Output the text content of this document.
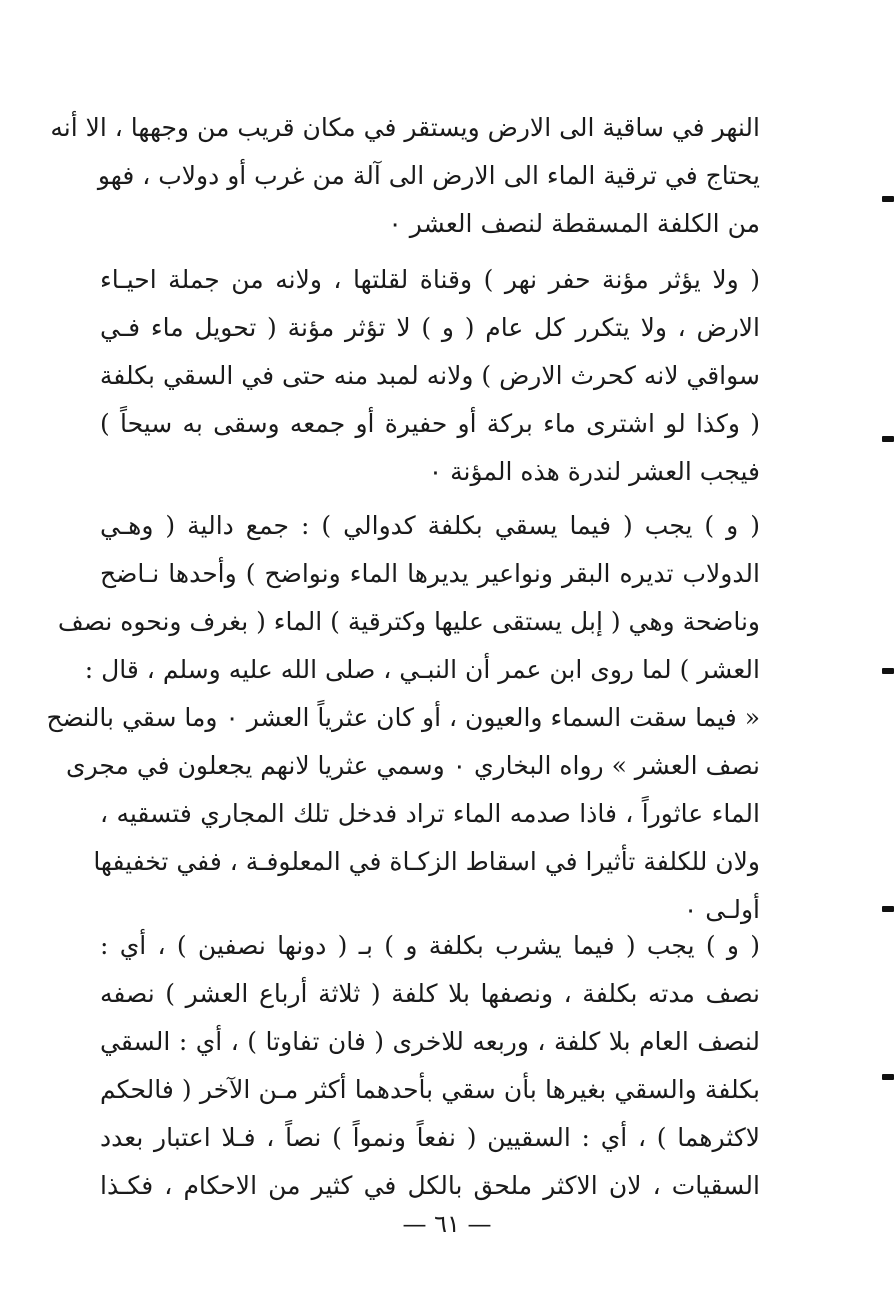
النهر في ساقية الى الارض ويستقر في مكان قريب من وجهها ، الا أنه
يحتاج في ترقية الماء الى الارض الى آلة من غرب أو دولاب ، فهو
من الكلفة المسقطة لنصف العشر ٠
( ولا يؤثر مؤنة حفر نهر ) وقناة لقلتها ، ولانه من جملة احيـاء
الارض ، ولا يتكرر كل عام ( و ) لا تؤثر مؤنة ( تحويل ماء فـي
سواقي لانه كحرث الارض ) ولانه لمبد منه حتى في السقي بكلفة
( وكذا لو اشترى ماء بركة أو حفيرة أو جمعه وسقى به سيحاً )
فيجب العشر لندرة هذه المؤنة ٠
( و ) يجب ( فيما يسقي بكلفة كدوالي ) : جمع دالية ( وهـي
الدولاب تديره البقر ونواعير يديرها الماء ونواضح ) وأحدها نـاضح
وناضحة وهي ( إبل يستقى عليها وكترقية ) الماء ( بغرف ونحوه نصف
العشر ) لما روى ابن عمر أن النبـي ، صلى الله عليه وسلم ، قال :
« فيما سقت السماء والعيون ، أو كان عثرياً العشر ٠ وما سقي بالنضح
نصف العشر » رواه البخاري ٠ وسمي عثريا لانهم يجعلون في مجرى
الماء عاثوراً ، فاذا صدمه الماء تراد فدخل تلك المجاري فتسقيه ،
ولان للكلفة تأثيرا في اسقاط الزكـاة في المعلوفـة ، ففي تخفيفها
أولـى ٠
( و ) يجب ( فيما يشرب بكلفة و ) بـ ( دونها نصفين ) ، أي :
نصف مدته بكلفة ، ونصفها بلا كلفة ( ثلاثة أرباع العشر ) نصفه
لنصف العام بلا كلفة ، وربعه للاخرى ( فان تفاوتا ) ، أي : السقي
بكلفة والسقي بغيرها بأن سقي بأحدهما أكثر مـن الآخر ( فالحكم
لاكثرهما ) ، أي : السقيين ( نفعاً ونمواً ) نصاً ، فـلا اعتبار بعدد
السقيات ، لان الاكثر ملحق بالكل في كثير من الاحكام ، فكـذا
— ٦١ —
